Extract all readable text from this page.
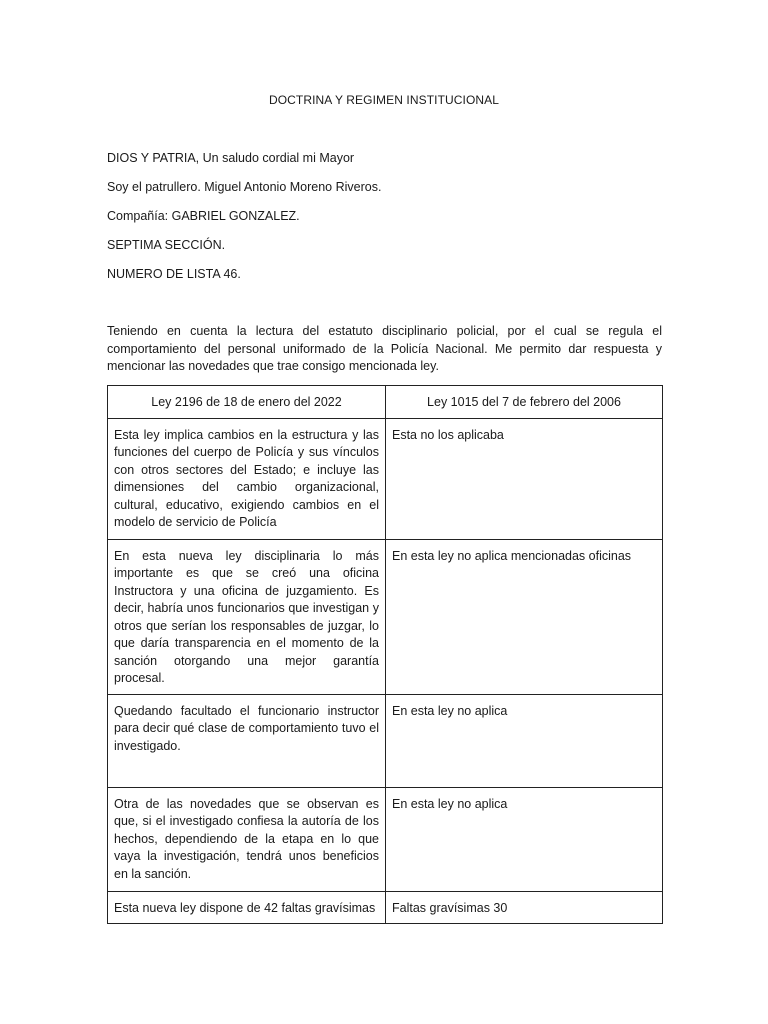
DOCTRINA Y REGIMEN INSTITUCIONAL
DIOS Y PATRIA, Un saludo cordial mi Mayor
Soy el patrullero. Miguel Antonio Moreno Riveros.
Compañía: GABRIEL GONZALEZ.
SEPTIMA SECCIÓN.
NUMERO DE LISTA 46.
Teniendo en cuenta la lectura del estatuto disciplinario policial, por el cual se regula el comportamiento del personal uniformado de la Policía Nacional. Me permito dar respuesta y mencionar las novedades que trae consigo mencionada ley.
Ley 2196 de 18 de enero del 2022	Ley 1015 del 7 de febrero del 2006
Esta ley implica cambios en la estructura y las funciones del cuerpo de Policía y sus vínculos con otros sectores del Estado; e incluye las dimensiones del cambio organizacional, cultural, educativo, exigiendo cambios en el modelo de servicio de Policía	Esta no los aplicaba
En esta nueva ley disciplinaria lo más importante es que se creó una oficina Instructora y una oficina de juzgamiento. Es decir, habría unos funcionarios que investigan y otros que serían los responsables de juzgar, lo que daría transparencia en el momento de la sanción otorgando una mejor garantía procesal.	En esta ley no aplica mencionadas oficinas
Quedando facultado el funcionario instructor para decir qué clase de comportamiento tuvo el investigado.	En esta ley no aplica
Otra de las novedades que se observan es que, si el investigado confiesa la autoría de los hechos, dependiendo de la etapa en lo que vaya la investigación, tendrá unos beneficios en la sanción.	En esta ley no aplica
Esta nueva ley dispone de 42 faltas gravísimas	Faltas gravísimas 30
